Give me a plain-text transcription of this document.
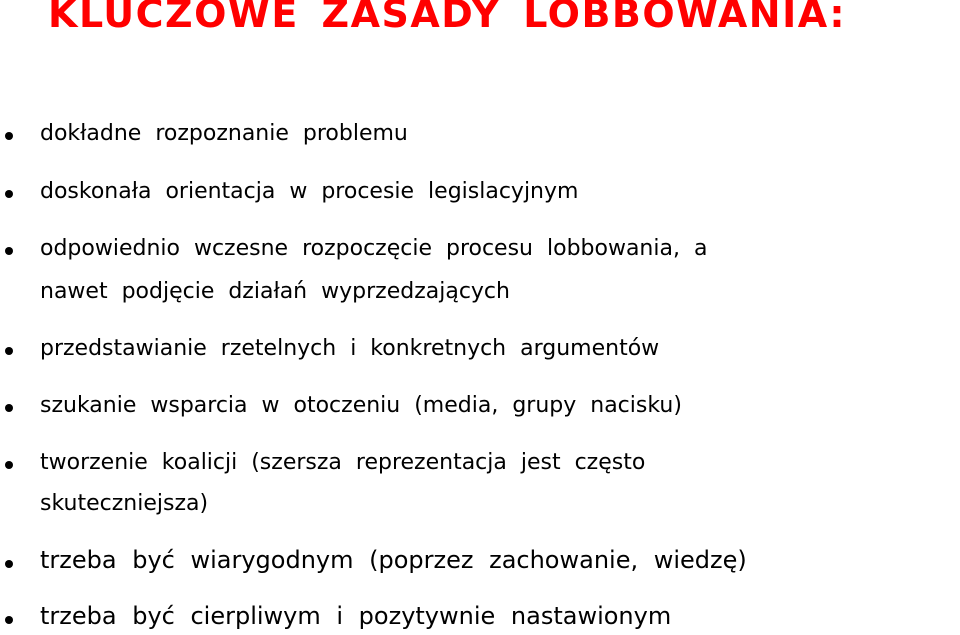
KLUCZOWE ZASADY LOBBOWANIA:
dokładne rozpoznanie problemu
doskonała orientacja w procesie legislacyjnym
odpowiednio wczesne rozpoczęcie procesu lobbowania, a
nawet podjęcie działań wyprzedzających
przedstawianie rzetelnych i konkretnych argumentów
szukanie wsparcia w otoczeniu (media, grupy nacisku)
tworzenie koalicji (szersza reprezentacja jest często
skuteczniejsza)
trzeba być wiarygodnym (poprzez zachowanie, wiedzę)
trzeba być cierpliwym i pozytywnie nastawionym
